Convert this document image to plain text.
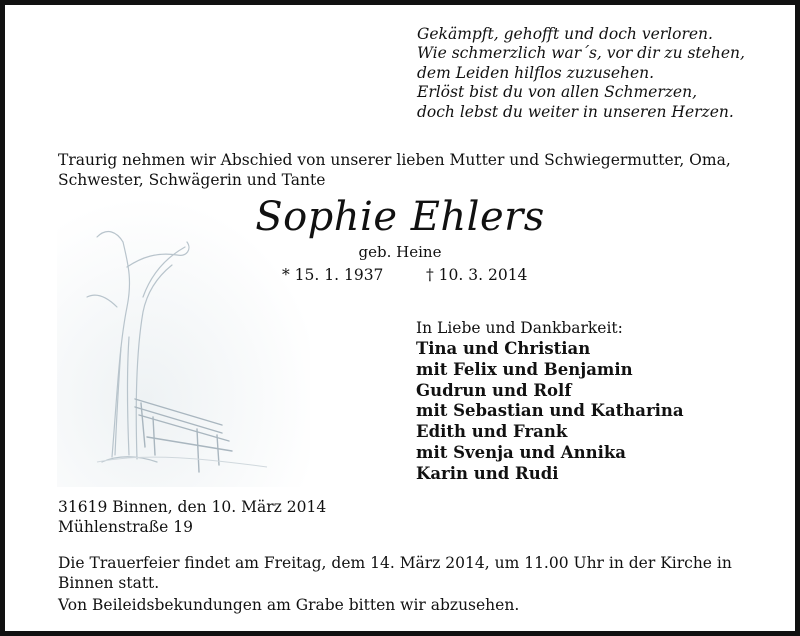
Gekämpft, gehofft und doch verloren.
Wie schmerzlich war´s, vor dir zu stehen,
dem Leiden hilflos zuzusehen.
Erlöst bist du von allen Schmerzen,
doch lebst du weiter in unseren Herzen.
Traurig nehmen wir Abschied von unserer lieben Mutter und Schwiegermutter, Oma,
Schwester, Schwägerin und Tante
Sophie Ehlers
geb. Heine
* 15. 1. 1937	† 10. 3. 2014
In Liebe und Dankbarkeit:
Tina und Christian
mit Felix und Benjamin
Gudrun und Rolf
mit Sebastian und Katharina
Edith und Frank
mit Svenja und Annika
Karin und Rudi
31619 Binnen, den 10. März 2014
Mühlenstraße 19
Die Trauerfeier findet am Freitag, dem 14. März 2014, um 11.00 Uhr in der Kirche in
Binnen statt.
Von Beileidsbekundungen am Grabe bitten wir abzusehen.
